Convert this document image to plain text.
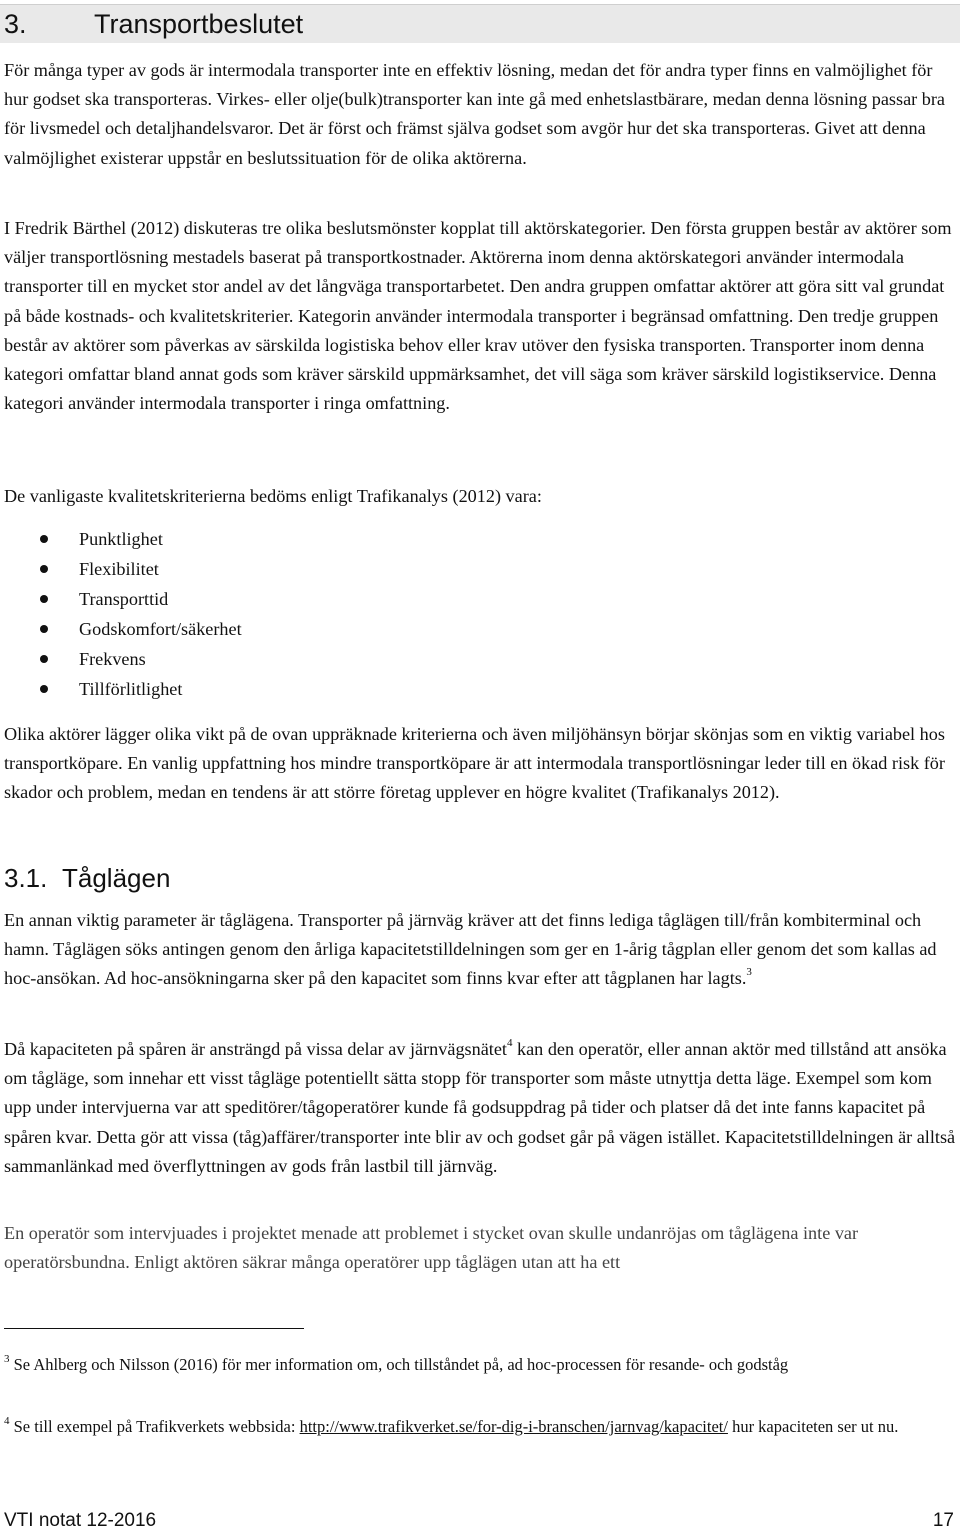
3. Transportbeslutet

För många typer av gods är intermodala transporter inte en effektiv lösning, medan det för andra typer finns en valmöjlighet för hur godset ska transporteras. Virkes- eller olje(bulk)transporter kan inte gå med enhetslastbärare, medan denna lösning passar bra för livsmedel och detaljhandelsvaror. Det är först och främst själva godset som avgör hur det ska transporteras. Givet att denna valmöjlighet existerar uppstår en beslutssituation för de olika aktörerna.

I Fredrik Bärthel (2012) diskuteras tre olika beslutsmönster kopplat till aktörskategorier. Den första gruppen består av aktörer som väljer transportlösning mestadels baserat på transportkostnader. Aktörerna inom denna aktörskategori använder intermodala transporter till en mycket stor andel av det långväga transportarbetet. Den andra gruppen omfattar aktörer att göra sitt val grundat på både kostnads- och kvalitetskriterier. Kategorin använder intermodala transporter i begränsad omfattning. Den tredje gruppen består av aktörer som påverkas av särskilda logistiska behov eller krav utöver den fysiska transporten. Transporter inom denna kategori omfattar bland annat gods som kräver särskild uppmärksamhet, det vill säga som kräver särskild logistikservice. Denna kategori använder intermodala transporter i ringa omfattning.

De vanligaste kvalitetskriterierna bedöms enligt Trafikanalys (2012) vara:

Punktlighet
Flexibilitet
Transporttid
Godskomfort/säkerhet
Frekvens
Tillförlitlighet

Olika aktörer lägger olika vikt på de ovan uppräknade kriterierna och även miljöhänsyn börjar skönjas som en viktig variabel hos transportköpare. En vanlig uppfattning hos mindre transportköpare är att intermodala transportlösningar leder till en ökad risk för skador och problem, medan en tendens är att större företag upplever en högre kvalitet (Trafikanalys 2012).

3.1. Tåglägen

En annan viktig parameter är tåglägena. Transporter på järnväg kräver att det finns lediga tåglägen till/från kombiterminal och hamn. Tåglägen söks antingen genom den årliga kapacitetstilldelningen som ger en 1-årig tågplan eller genom det som kallas ad hoc-ansökan. Ad hoc-ansökningarna sker på den kapacitet som finns kvar efter att tågplanen har lagts.$^3$

Då kapaciteten på spåren är ansträngd på vissa delar av järnvägsnätet$^4$ kan den operatör, eller annan aktör med tillstånd att ansöka om tågläge, som innehar ett visst tågläge potentiellt sätta stopp för transporter som måste utnyttja detta läge. Exempel som kom upp under intervjuerna var att speditörer/tågoperatörer kunde få godsuppdrag på tider och platser då det inte fanns kapacitet på spåren kvar. Detta gör att vissa (tåg)affärer/transporter inte blir av och godset går på vägen istället. Kapacitetstilldelningen är alltså sammanlänkad med överflyttningen av gods från lastbil till järnväg.

En operatör som intervjuades i projektet menade att problemet i stycket ovan skulle undanröjas om tåglägena inte var operatörsbundna. Enligt aktören säkrar många operatörer upp tåglägen utan att ha ett

$^3$ Se Ahlberg och Nilsson (2016) för mer information om, och tillståndet på, ad hoc-processen för resande- och godståg

$^4$ Se till exempel på Trafikverkets webbsida: http://www.trafikverket.se/for-dig-i-branschen/jarnvag/kapacitet/ hur kapaciteten ser ut nu.

VTI notat 12-2016	17
